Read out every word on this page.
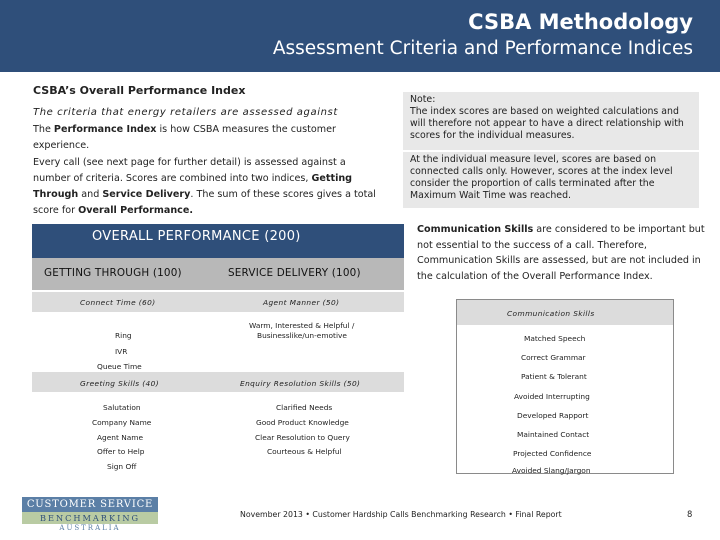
CSBA Methodology
Assessment Criteria and Performance Indices
CSBA’s Overall Performance Index
The criteria that energy retailers are assessed against
The Performance Index is how CSBA measures the customer experience.
Every call (see next page for further detail) is assessed against a number of criteria. Scores are combined into two indices, Getting Through and Service Delivery. The sum of these scores gives a total score for Overall Performance.
Note:
The index scores are based on weighted calculations and will therefore not appear to have a direct relationship with scores for the individual measures.
At the individual measure level, scores are based on connected calls only. However, scores at the index level consider the proportion of calls terminated after the Maximum Wait Time was reached.
Communication Skills are considered to be important but not essential to the success of a call. Therefore, Communication Skills are assessed, but are not included in the calculation of the Overall Performance Index.
OVERALL PERFORMANCE (200)
GETTING THROUGH (100)	SERVICE DELIVERY (100)
Connect Time (60)	Agent Manner (50)
Ring
IVR
Queue Time
Warm, Interested & Helpful /
Businesslike/un-emotive
Greeting Skills (40)	Enquiry Resolution Skills (50)
Salutation
Company Name
Agent Name
Offer to Help
Sign Off
Clarified Needs
Good Product Knowledge
Clear Resolution to Query
Courteous & Helpful
Communication Skills
Matched Speech
Correct Grammar
Patient & Tolerant
Avoided Interrupting
Developed Rapport
Maintained Contact
Projected Confidence
Avoided Slang/Jargon
CUSTOMER SERVICE
BENCHMARKING
AUSTRALIA
November 2013 • Customer Hardship Calls Benchmarking Research • Final Report	8
